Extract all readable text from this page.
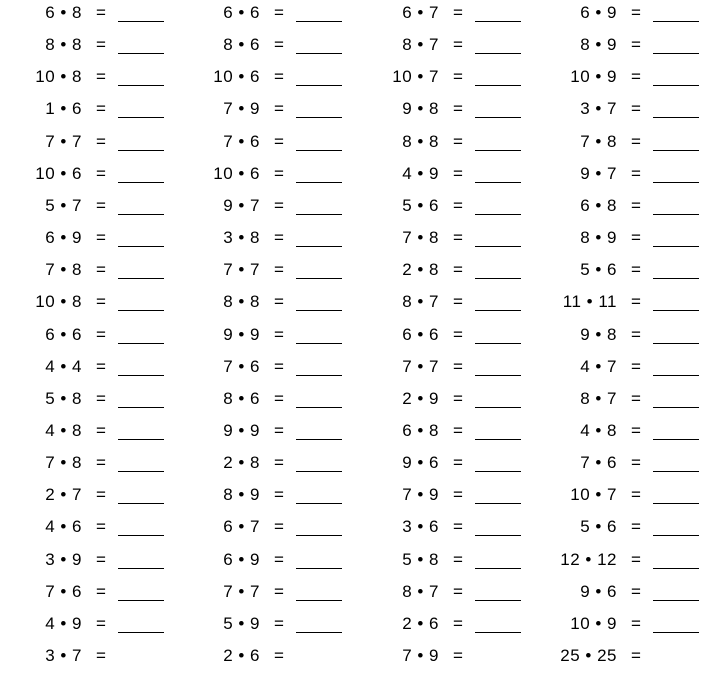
6 • 8 =
8 • 8 =
10 • 8 =
1 • 6 =
7 • 7 =
10 • 6 =
5 • 7 =
6 • 9 =
7 • 8 =
10 • 8 =
6 • 6 =
4 • 4 =
5 • 8 =
4 • 8 =
7 • 8 =
2 • 7 =
4 • 6 =
3 • 9 =
7 • 6 =
4 • 9 =
3 • 7 =
6 • 6 =
8 • 6 =
10 • 6 =
7 • 9 =
7 • 6 =
10 • 6 =
9 • 7 =
3 • 8 =
7 • 7 =
8 • 8 =
9 • 9 =
7 • 6 =
8 • 6 =
9 • 9 =
2 • 8 =
8 • 9 =
6 • 7 =
6 • 9 =
7 • 7 =
5 • 9 =
2 • 6 =
6 • 7 =
8 • 7 =
10 • 7 =
9 • 8 =
8 • 8 =
4 • 9 =
5 • 6 =
7 • 8 =
2 • 8 =
8 • 7 =
6 • 6 =
7 • 7 =
2 • 9 =
6 • 8 =
9 • 6 =
7 • 9 =
3 • 6 =
5 • 8 =
8 • 7 =
2 • 6 =
7 • 9 =
6 • 9 =
8 • 9 =
10 • 9 =
3 • 7 =
7 • 8 =
9 • 7 =
6 • 8 =
8 • 9 =
5 • 6 =
11 • 11 =
9 • 8 =
4 • 7 =
8 • 7 =
4 • 8 =
7 • 6 =
10 • 7 =
5 • 6 =
12 • 12 =
9 • 6 =
10 • 9 =
25 • 25 =
